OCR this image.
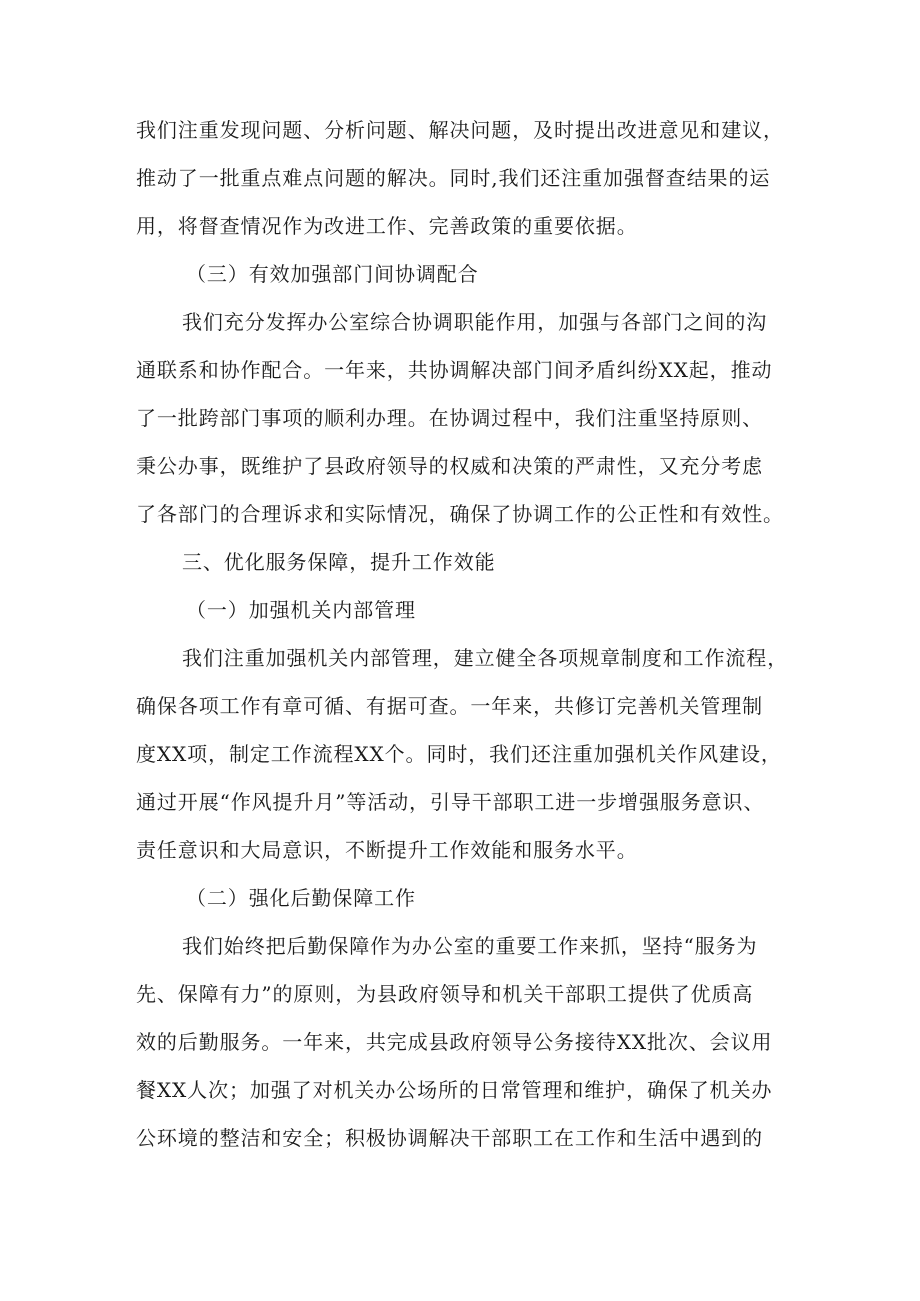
我们注重发现问题、分析问题、解决问题，及时提出改进意见和建议，
推动了一批重点难点问题的解决。同时,我们还注重加强督查结果的运
用，将督查情况作为改进工作、完善政策的重要依据。
（三）有效加强部门间协调配合
我们充分发挥办公室综合协调职能作用，加强与各部门之间的沟
通联系和协作配合。一年来，共协调解决部门间矛盾纠纷XX起，推动
了一批跨部门事项的顺利办理。在协调过程中，我们注重坚持原则、
秉公办事，既维护了县政府领导的权威和决策的严肃性，又充分考虑
了各部门的合理诉求和实际情况，确保了协调工作的公正性和有效性。
三、优化服务保障，提升工作效能
（一）加强机关内部管理
我们注重加强机关内部管理，建立健全各项规章制度和工作流程，
确保各项工作有章可循、有据可查。一年来，共修订完善机关管理制
度XX项，制定工作流程XX个。同时，我们还注重加强机关作风建设，
通过开展“作风提升月”等活动，引导干部职工进一步增强服务意识、
责任意识和大局意识，不断提升工作效能和服务水平。
（二）强化后勤保障工作
我们始终把后勤保障作为办公室的重要工作来抓，坚持“服务为
先、保障有力”的原则，为县政府领导和机关干部职工提供了优质高
效的后勤服务。一年来，共完成县政府领导公务接待XX批次、会议用
餐XX人次；加强了对机关办公场所的日常管理和维护，确保了机关办
公环境的整洁和安全；积极协调解决干部职工在工作和生活中遇到的
